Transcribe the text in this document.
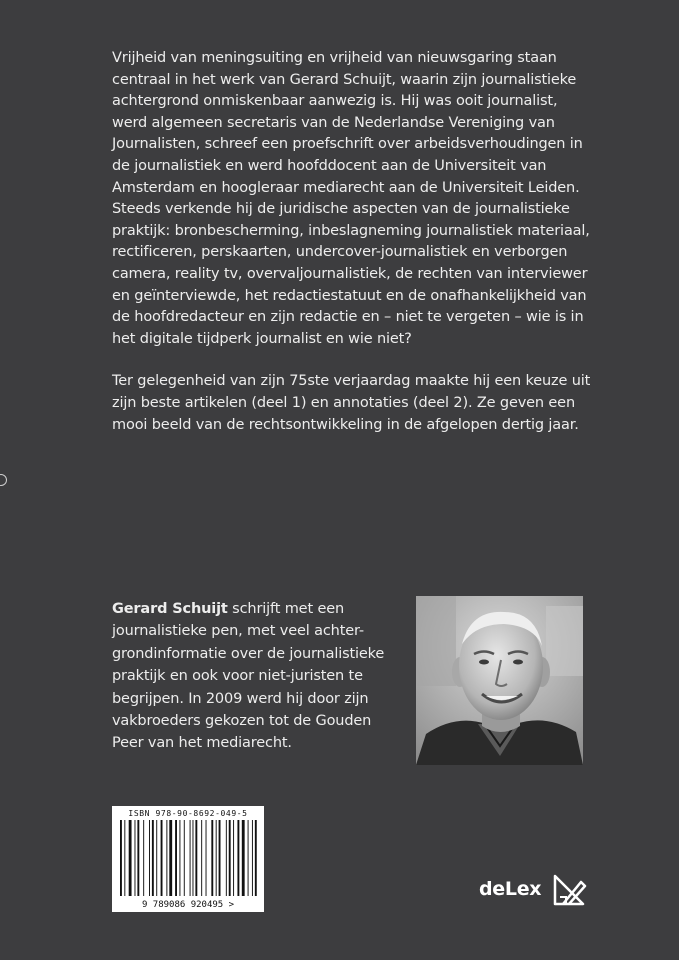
Vrijheid van meningsuiting en vrijheid van nieuwsgaring staan centraal in het werk van Gerard Schuijt, waarin zijn journalistieke achtergrond onmiskenbaar aanwezig is. Hij was ooit journalist, werd algemeen secretaris van de Nederlandse Vereniging van Journalisten, schreef een proefschrift over arbeidsverhoudingen in de journalistiek en werd hoofddocent aan de Universiteit van Amsterdam en hoogleraar mediarecht aan de Universiteit Leiden. Steeds verkende hij de juridische aspecten van de journalistieke praktijk: bronbescherming, inbeslagneming journalistiek materiaal, rectificeren, perskaarten, undercover-journalistiek en verborgen camera, reality tv, overvaljournalistiek, de rechten van interviewer en geïnterviewde, het redactiestatuut en de onafhankelijkheid van de hoofdredacteur en zijn redactie en – niet te vergeten – wie is in het digitale tijdperk journalist en wie niet?

Ter gelegenheid van zijn 75ste verjaardag maakte hij een keuze uit zijn beste artikelen (deel 1) en annotaties (deel 2). Ze geven een mooi beeld van de rechtsontwikkeling in de afgelopen dertig jaar.

Gerard Schuijt schrijft met een journalistieke pen, met veel achter-grondinformatie over de journalistieke praktijk en ook voor niet-juristen te begrijpen. In 2009 werd hij door zijn vakbroeders gekozen tot de Gouden Peer van het mediarecht.
ISBN 978-90-8692-049-5
9 789086 920495 >
deLex
